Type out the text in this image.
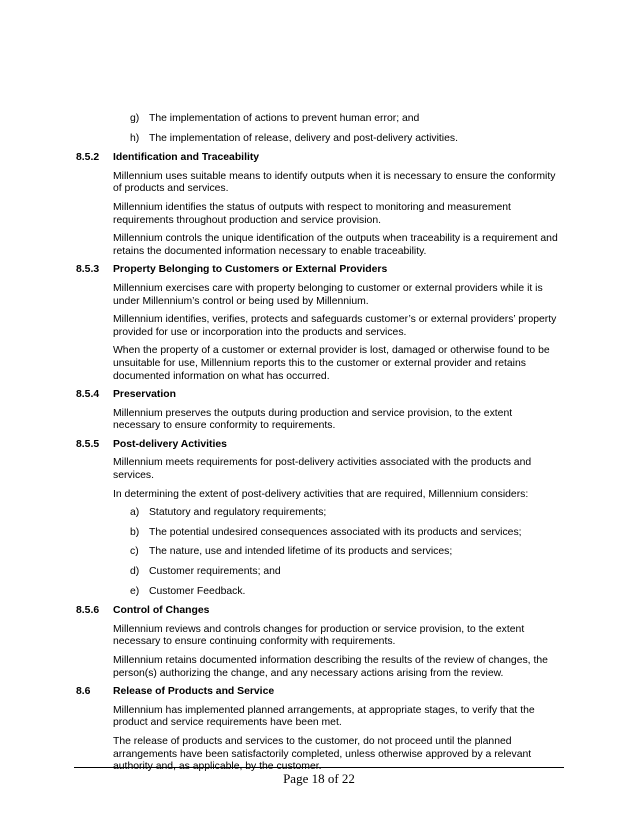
g) The implementation of actions to prevent human error; and
h) The implementation of release, delivery and post-delivery activities.
8.5.2 Identification and Traceability

Millennium uses suitable means to identify outputs when it is necessary to ensure the conformity of products and services.

Millennium identifies the status of outputs with respect to monitoring and measurement requirements throughout production and service provision.

Millennium controls the unique identification of the outputs when traceability is a requirement and retains the documented information necessary to enable traceability.

8.5.3 Property Belonging to Customers or External Providers

Millennium exercises care with property belonging to customer or external providers while it is under Millennium’s control or being used by Millennium.

Millennium identifies, verifies, protects and safeguards customer’s or external providers’ property provided for use or incorporation into the products and services.

When the property of a customer or external provider is lost, damaged or otherwise found to be unsuitable for use, Millennium reports this to the customer or external provider and retains documented information on what has occurred.

8.5.4 Preservation

Millennium preserves the outputs during production and service provision, to the extent necessary to ensure conformity to requirements.

8.5.5 Post-delivery Activities

Millennium meets requirements for post-delivery activities associated with the products and services.

In determining the extent of post-delivery activities that are required, Millennium considers:

a) Statutory and regulatory requirements;
b) The potential undesired consequences associated with its products and services;
c) The nature, use and intended lifetime of its products and services;
d) Customer requirements; and
e) Customer Feedback.
8.5.6 Control of Changes

Millennium reviews and controls changes for production or service provision, to the extent necessary to ensure continuing conformity with requirements.

Millennium retains documented information describing the results of the review of changes, the person(s) authorizing the change, and any necessary actions arising from the review.

8.6 Release of Products and Service

Millennium has implemented planned arrangements, at appropriate stages, to verify that the product and service requirements have been met.

The release of products and services to the customer, do not proceed until the planned arrangements have been satisfactorily completed, unless otherwise approved by a relevant authority and, as applicable, by the customer.

Page 18 of 22
